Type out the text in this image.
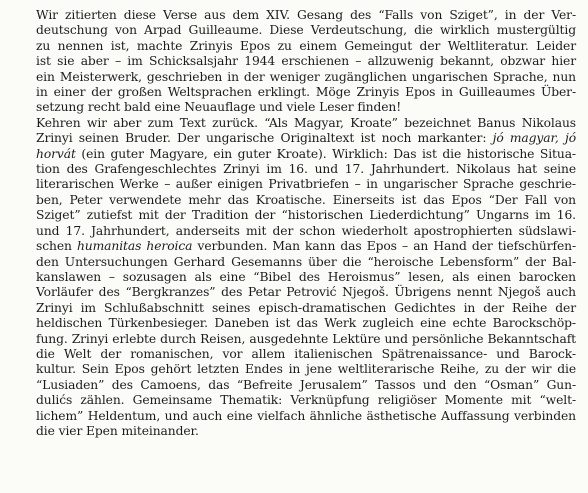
Wir zitierten diese Verse aus dem XIV. Gesang des “Falls von Sziget”, in der Ver-
deutschung von Arpad Guilleaume. Diese Verdeutschung, die wirklich mustergültig
zu nennen ist, machte Zrinyis Epos zu einem Gemeingut der Weltliteratur. Leider
ist sie aber – im Schicksalsjahr 1944 erschienen – allzuwenig bekannt, obzwar hier
ein Meisterwerk, geschrieben in der weniger zugänglichen ungarischen Sprache, nun
in einer der großen Weltsprachen erklingt. Möge Zrinyis Epos in Guilleaumes Über-
setzung recht bald eine Neuauflage und viele Leser finden!
Kehren wir aber zum Text zurück. “Als Magyar, Kroate” bezeichnet Banus Nikolaus
Zrinyi seinen Bruder. Der ungarische Originaltext ist noch markanter: jó magyar, jó
horvát (ein guter Magyare, ein guter Kroate). Wirklich: Das ist die historische Situa-
tion des Grafengeschlechtes Zrinyi im 16. und 17. Jahrhundert. Nikolaus hat seine
literarischen Werke – außer einigen Privatbriefen – in ungarischer Sprache geschrie-
ben, Peter verwendete mehr das Kroatische. Einerseits ist das Epos “Der Fall von
Sziget” zutiefst mit der Tradition der “historischen Liederdichtung” Ungarns im 16.
und 17. Jahrhundert, anderseits mit der schon wiederholt apostrophierten südslawi-
schen humanitas heroica verbunden. Man kann das Epos – an Hand der tiefschürfen-
den Untersuchungen Gerhard Gesemanns über die “heroische Lebensform” der Bal-
kanslawen – sozusagen als eine “Bibel des Heroismus” lesen, als einen barocken
Vorläufer des “Bergkranzes” des Petar Petrović Njegoš. Übrigens nennt Njegoš auch
Zrinyi im Schlußabschnitt seines episch-dramatischen Gedichtes in der Reihe der
heldischen Türkenbesieger. Daneben ist das Werk zugleich eine echte Barockschöp-
fung. Zrinyi erlebte durch Reisen, ausgedehnte Lektüre und persönliche Bekanntschaft
die Welt der romanischen, vor allem italienischen Spätrenaissance- und Barock-
kultur. Sein Epos gehört letzten Endes in jene weltliterarische Reihe, zu der wir die
“Lusiaden” des Camoens, das “Befreite Jerusalem” Tassos und den “Osman” Gun-
dulićs zählen. Gemeinsame Thematik: Verknüpfung religiöser Momente mit “welt-
lichem” Heldentum, und auch eine vielfach ähnliche ästhetische Auffassung verbinden
die vier Epen miteinander.
